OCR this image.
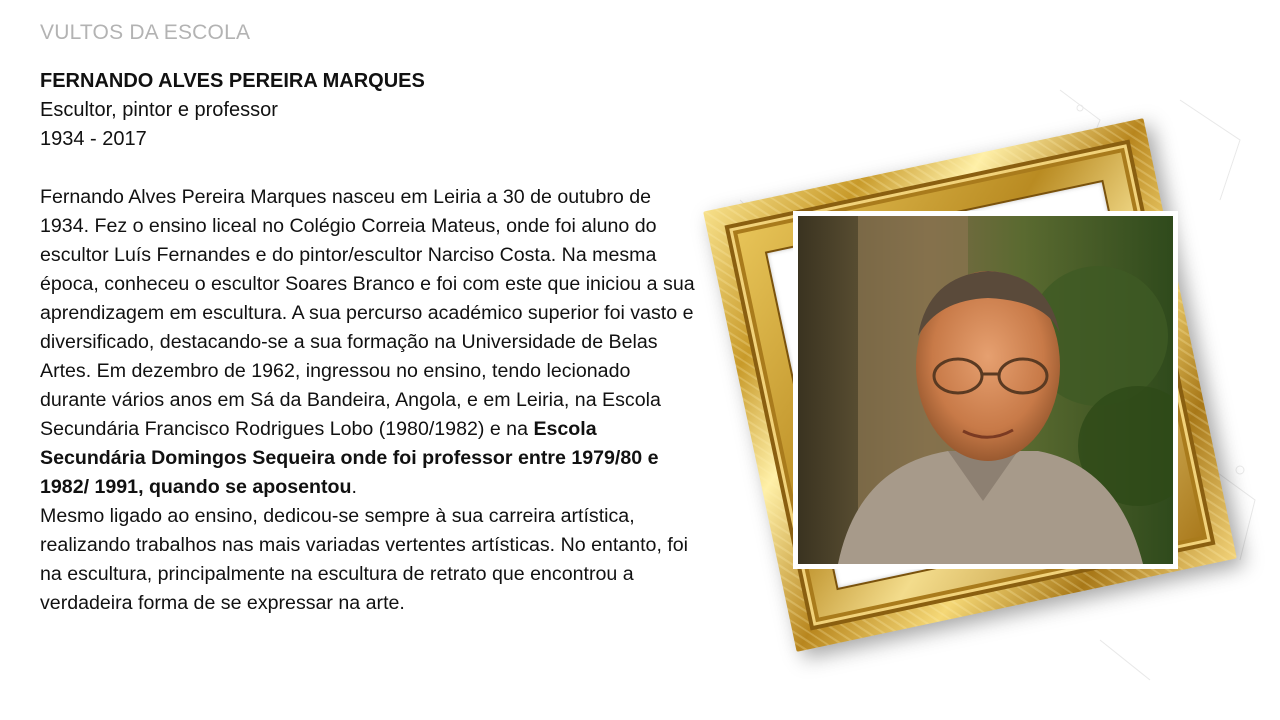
VULTOS DA ESCOLA
FERNANDO ALVES PEREIRA MARQUES
Escultor, pintor e professor
1934 - 2017

Fernando Alves Pereira Marques nasceu em Leiria a 30 de outubro de 1934. Fez o ensino liceal no Colégio Correia Mateus, onde foi aluno do escultor Luís Fernandes e do pintor/escultor Narciso Costa. Na mesma época, conheceu o escultor Soares Branco e foi com este que iniciou a sua aprendizagem em escultura. A sua percurso académico superior foi vasto e diversificado, destacando-se a sua formação na Universidade de Belas Artes. Em dezembro de 1962, ingressou no ensino, tendo lecionado durante vários anos em Sá da Bandeira, Angola, e em Leiria, na Escola Secundária Francisco Rodrigues Lobo (1980/1982) e na Escola Secundária Domingos Sequeira onde foi professor entre 1979/80 e 1982/ 1991, quando se aposentou.

Mesmo ligado ao ensino, dedicou-se sempre à sua carreira artística, realizando trabalhos nas mais variadas vertentes artísticas. No entanto, foi na escultura, principalmente na escultura de retrato que encontrou a verdadeira forma de se expressar na arte.
